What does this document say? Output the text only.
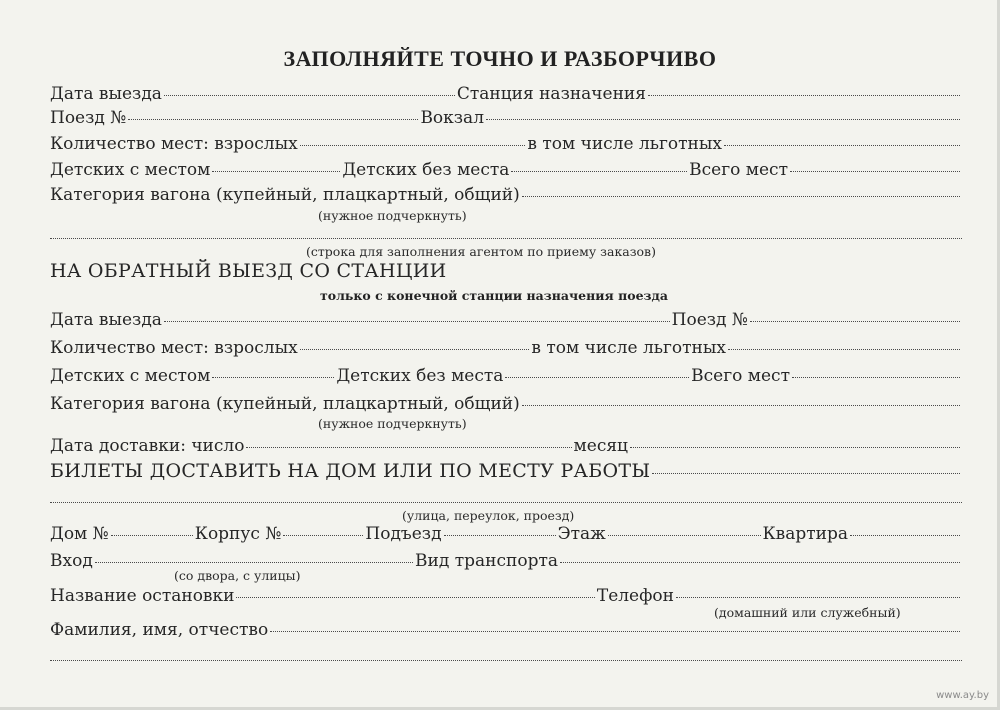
ЗАПОЛНЯЙТЕ ТОЧНО И РАЗБОРЧИВО
Дата выезда	Станция назначения
Поезд №	Вокзал
Количество мест: взрослых	в том числе льготных
Детских с местом	Детских без места	Всего мест
Категория вагона (купейный, плацкартный, общий)
(нужное подчеркнуть)
(строка для заполнения агентом по приему заказов)
НА ОБРАТНЫЙ ВЫЕЗД СО СТАНЦИИ
только с конечной станции назначения поезда
Дата выезда	Поезд №
Количество мест: взрослых	в том числе льготных
Детских с местом	Детских без места	Всего мест
Категория вагона (купейный, плацкартный, общий)
(нужное подчеркнуть)
Дата доставки: число	месяц
БИЛЕТЫ ДОСТАВИТЬ НА ДОМ ИЛИ ПО МЕСТУ РАБОТЫ
(улица, переулок, проезд)
Дом №	Корпус №	Подъезд	Этаж	Квартира
Вход	Вид транспорта
(со двора, с улицы)
Название остановки	Телефон
(домашний или служебный)
Фамилия, имя, отчество
www.ay.by
